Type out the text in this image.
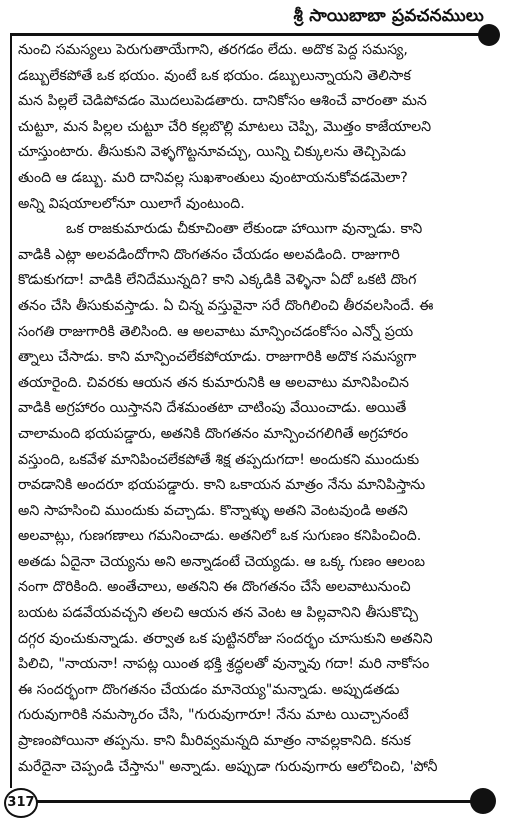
శ్రీ సాయిబాబా ప్రవచనములు
నుంచి సమస్యలు పెరుగుతాయేగాని, తరగడం లేదు. అదొక పెద్ద సమస్య,
డబ్బులేకపోతే ఒక భయం. వుంటే ఒక భయం. డబ్బులున్నాయని తెలిసాక
మన పిల్లలే చెడిపోవడం మొదలుపెడతారు. దానికోసం ఆశించే వారంతా మన
చుట్టూ, మన పిల్లల చుట్టూ చేరి కల్లబొల్లి మాటలు చెప్పి, మొత్తం కాజేయాలని
చూస్తుంటారు. తీసుకుని వెళ్ళగొట్టనూవచ్చు, యిన్ని చిక్కులను తెచ్చిపెడు
తుంది ఆ డబ్బు. మరి దానివల్ల సుఖశాంతులు వుంటాయనుకోవడమెలా?
అన్ని విషయాలలోనూ యిలాగే వుంటుంది.
ఒక రాజకుమారుడు చీకూచింతా లేకుండా హాయిగా వున్నాడు. కాని
వాడికి ఎట్లా అలవడిందోగాని దొంగతనం చేయడం అలవడింది. రాజుగారి
కొడుకుగదా! వాడికి లేనిదేమున్నది? కాని ఎక్కడికి వెళ్ళినా ఏదో ఒకటి దొంగ
తనం చేసి తీసుకువస్తాడు. ఏ చిన్న వస్తువైనా సరే దొంగిలించి తీరవలసిందే. ఈ
సంగతి రాజుగారికి తెలిసింది. ఆ అలవాటు మాన్పించడంకోసం ఎన్నో ప్రయ
త్నాలు చేసాడు. కాని మాన్పించలేకపోయాడు. రాజుగారికి అదొక సమస్యగా
తయారైంది. చివరకు ఆయన తన కుమారునికి ఆ అలవాటు మానిపించిన
వాడికి అగ్రహారం యిస్తానని దేశమంతటా చాటింపు వేయించాడు. అయితే
చాలామంది భయపడ్డారు, అతనికి దొంగతనం మాన్పించగలిగితే అగ్రహారం
వస్తుంది, ఒకవేళ మానిపించలేకపోతే శిక్ష తప్పదుగదా! అందుకని ముందుకు
రావడానికి అందరూ భయపడ్డారు. కాని ఒకాయన మాత్రం నేను మానిపిస్తాను
అని సాహసించి ముందుకు వచ్చాడు. కొన్నాళ్ళు అతని వెంటవుండి అతని
అలవాట్లు, గుణగణాలు గమనించాడు. అతనిలో ఒక సుగుణం కనిపించింది.
అతడు ఏదైనా చెయ్యను అని అన్నాడంటే చెయ్యడు. ఆ ఒక్క గుణం ఆలంబ
నంగా దొరికింది. అంతేచాలు, అతనిని ఈ దొంగతనం చేసే అలవాటునుంచి
బయట పడవేయవచ్చని తలచి ఆయన తన వెంట ఆ పిల్లవానిని తీసుకొచ్చి
దగ్గర వుంచుకున్నాడు. తర్వాత ఒక పుట్టినరోజు సందర్భం చూసుకుని అతనిని
పిలిచి, "నాయనా! నాపట్ల యింత భక్తి శ్రద్ధలతో వున్నావు గదా! మరి నాకోసం
ఈ సందర్భంగా దొంగతనం చేయడం మానెయ్య"మన్నాడు. అప్పుడతడు
గురువుగారికి నమస్కారం చేసి, "గురువుగారూ! నేను మాట యిచ్చానంటే
ప్రాణంపోయినా తప్పను. కాని మీరివ్వమన్నది మాత్రం నావల్లకానిది. కనుక
మరేదైనా చెప్పండి చేస్తాను" అన్నాడు. అప్పుడా గురువుగారు ఆలోచించి, 'పోనీ
317
